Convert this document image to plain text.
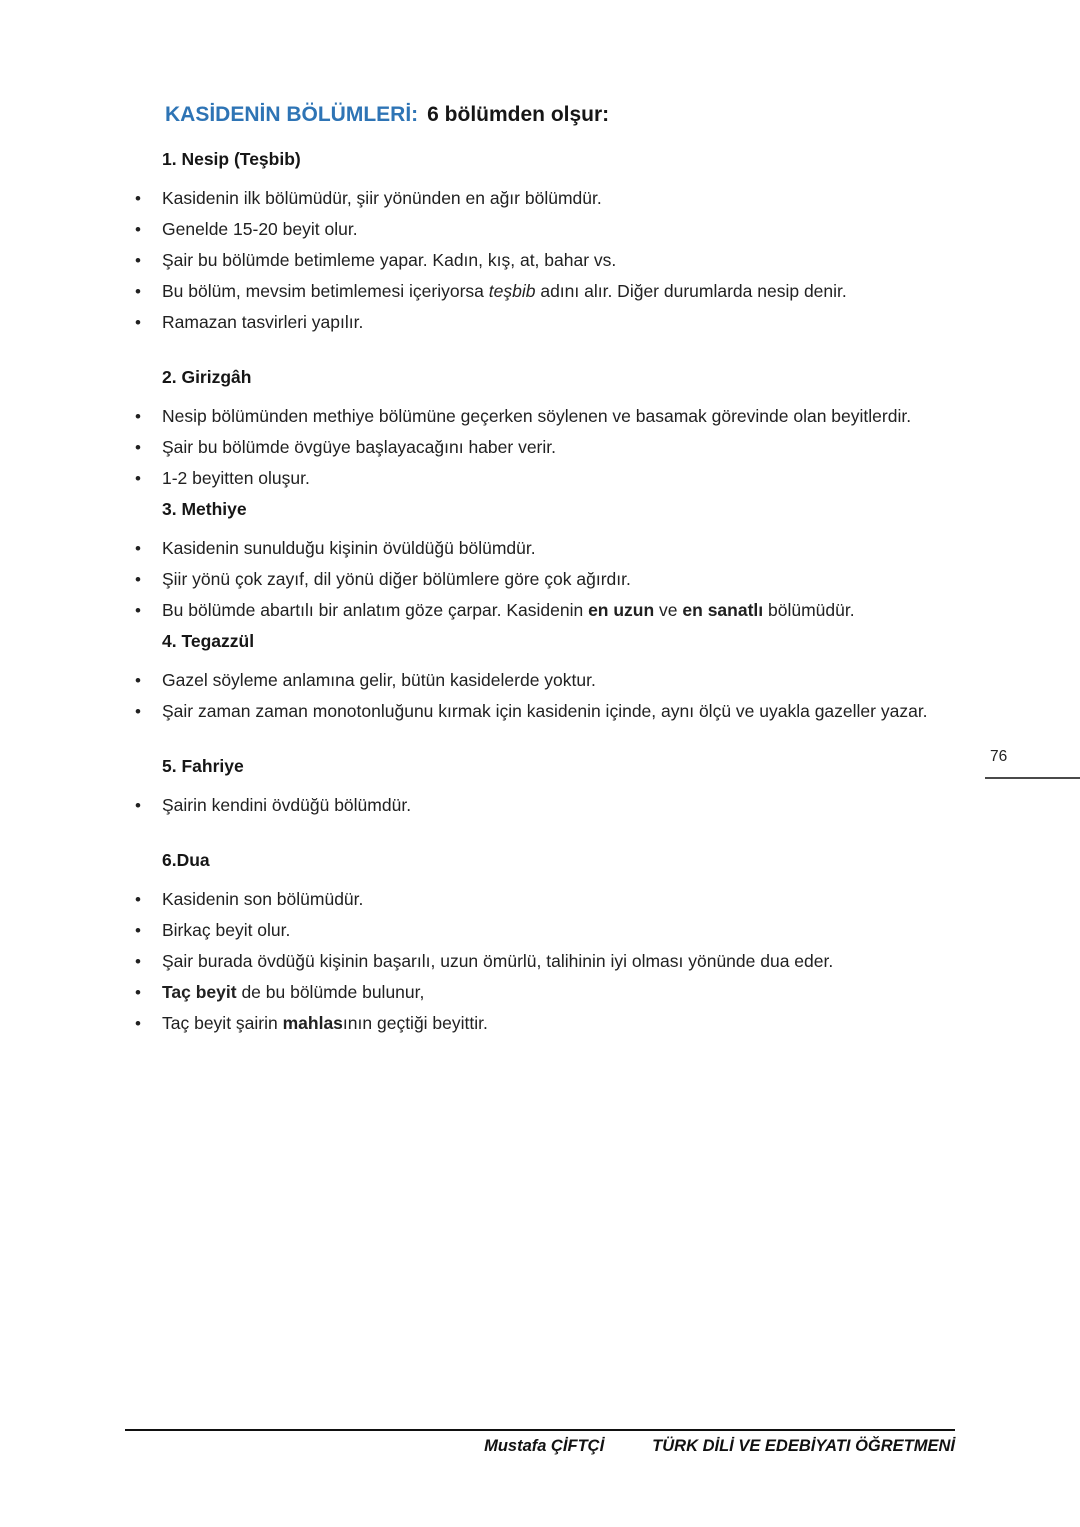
KASİDENİN BÖLÜMLERİ: 6 bölümden olşur:
1. Nesip (Teşbib)
•	Kasidenin ilk bölümüdür, şiir yönünden en ağır bölümdür.
•	Genelde 15-20 beyit olur.
•	Şair bu bölümde betimleme yapar. Kadın, kış, at, bahar vs.
•	Bu bölüm, mevsim betimlemesi içeriyorsa teşbib adını alır. Diğer durumlarda nesip denir.
•	Ramazan tasvirleri yapılır.
2. Girizgâh
•	Nesip bölümünden methiye bölümüne geçerken söylenen ve basamak görevinde olan beyitlerdir.
•	Şair bu bölümde övgüye başlayacağını haber verir.
•	1-2 beyitten oluşur.
3. Methiye
•	Kasidenin sunulduğu kişinin övüldüğü bölümdür.
•	Şiir yönü çok zayıf, dil yönü diğer bölümlere göre çok ağırdır.
•	Bu bölümde abartılı bir anlatım göze çarpar. Kasidenin en uzun ve en sanatlı bölümüdür.
4. Tegazzül
•	Gazel söyleme anlamına gelir, bütün kasidelerde yoktur.
•	Şair zaman zaman monotonluğunu kırmak için kasidenin içinde, aynı ölçü ve uyakla gazeller yazar.
5. Fahriye
•	Şairin kendini övdüğü bölümdür.
6.Dua
•	Kasidenin son bölümüdür.
•	Birkaç beyit olur.
•	Şair burada övdüğü kişinin başarılı, uzun ömürlü, talihinin iyi olması yönünde dua eder.
•	Taç beyit de bu bölümde bulunur,
•	Taç beyit şairin mahlasının geçtiği beyittir.
76
Mustafa ÇİFTÇİ	TÜRK DİLİ VE EDEBİYATI ÖĞRETMENİ
